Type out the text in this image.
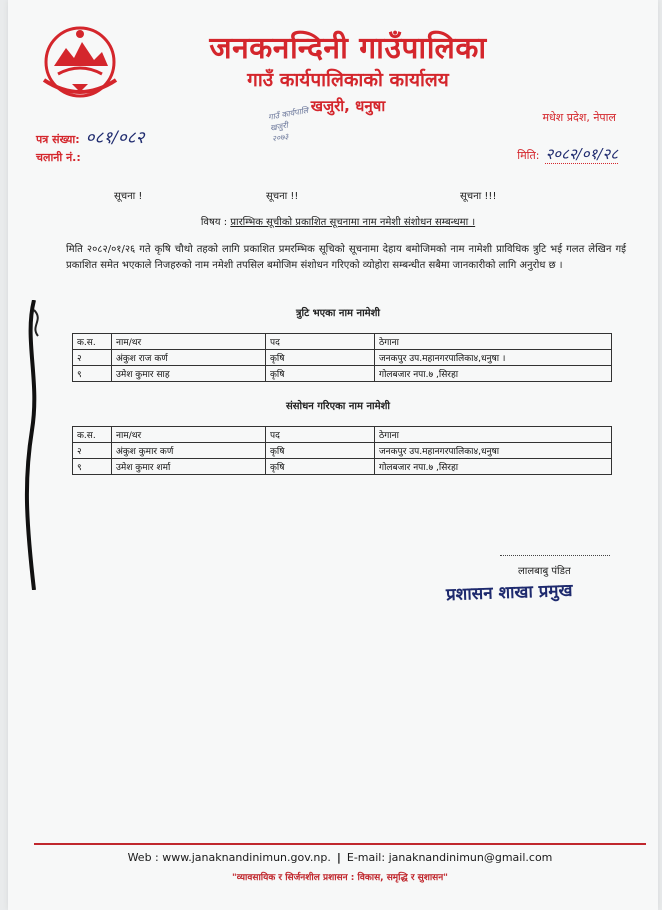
जनकनन्दिनी गाउँपालिका
गाउँ कार्यपालिकाको कार्यालय
खजुरी, धनुषा
गाउँ कार्यपालि
खजुरी
२०७३
मधेश प्रदेश, नेपाल
पत्र संख्या: ०८१/०८२
चलानी नं.:	मिति: २०८२/०१/२८
सूचना !	सूचना !!	सूचना !!!
विषय : प्रारम्भिक सूचीको प्रकाशित सूचनामा नाम नमेशी संशोधन सम्बन्धमा ।
मिति २०८२/०१/२६ गते कृषि चौथो तहको लागि प्रकाशित प्रमरम्भिक सूचिको सूचनामा देहाय बमोजिमको नाम नामेशी प्राविधिक त्रुटि भई गलत लेखिन गई प्रकाशित समेत भएकाले निजहरुको नाम नमेशी तपसिल बमोजिम संशोधन गरिएको व्योहोरा सम्बन्धीत सबैमा जानकारीको लागि अनुरोध छ ।
त्रुटि भएका नाम नामेशी
क.स.	नाम/थर	पद	ठेगाना
२	अंकुश राज कर्ण	कृषि	जनकपुर उप.महानगरपालिका४,धनुषा ।
९	उमेश कुमार साह	कृषि	गोलबजार नपा.७ ,सिरहा
संसोधन गरिएका नाम नामेशी
क.स.	नाम/थर	पद	ठेगाना
२	अंकुश कुमार कर्ण	कृषि	जनकपुर उप.महानगरपालिका४,धनुषा
९	उमेश कुमार शर्मा	कृषि	गोलबजार नपा.७ ,सिरहा
लालबाबु पंडित
प्रशासन शाखा प्रमुख
Web : www.janaknandinimun.gov.np. | E-mail: janaknandinimun@gmail.com
"व्यावसायिक र सिर्जनशील प्रशासन : विकास, समृद्धि र सुशासन"
